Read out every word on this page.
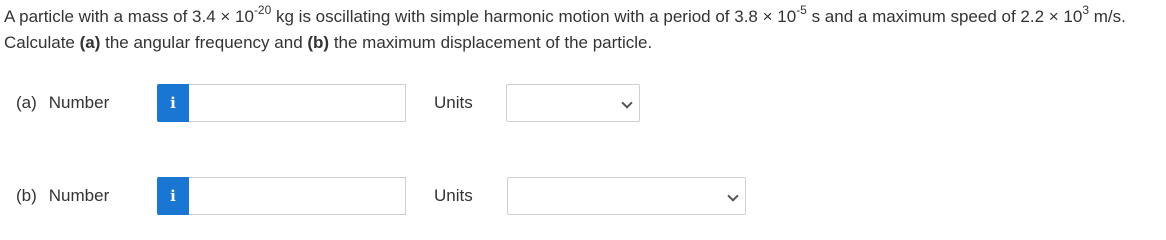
A particle with a mass of $3.4 \times 10^{-20}$ kg is oscillating with simple harmonic motion with a period of $3.8 \times 10^{-5}$ s and a maximum speed of $2.2 \times 10^3$ m/s. Calculate (a) the angular frequency and (b) the maximum displacement of the particle.
(a) Number	i	Units
(b) Number	i	Units
